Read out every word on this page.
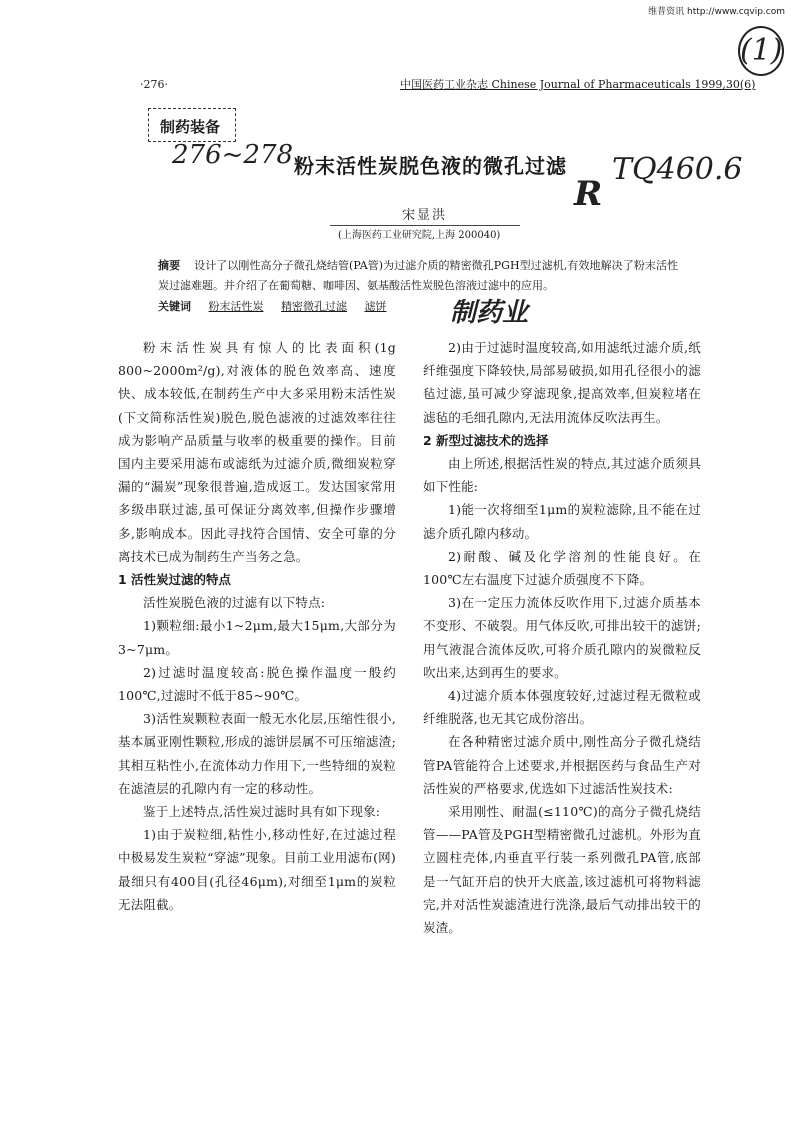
维普资讯 http://www.cqvip.com
(1)
·276·	中国医药工业杂志 Chinese Journal of Pharmaceuticals 1999,30(6)
制药装备
276~278
R
TQ460.6
制药业
粉末活性炭脱色液的微孔过滤
宋显洪
(上海医药工业研究院,上海 200040)
摘要 设计了以刚性高分子微孔烧结管(PA管)为过滤介质的精密微孔PGH型过滤机,有效地解决了粉末活性炭过滤难题。并介绍了在葡萄糖、咖啡因、氨基酸活性炭脱色溶液过滤中的应用。
关键词 粉末活性炭 精密微孔过滤 滤饼
粉末活性炭具有惊人的比表面积(1g 800~2000m²/g),对液体的脱色效率高、速度快、成本较低,在制药生产中大多采用粉末活性炭(下文简称活性炭)脱色,脱色滤液的过滤效率往往成为影响产品质量与收率的极重要的操作。目前国内主要采用滤布或滤纸为过滤介质,微细炭粒穿漏的“漏炭”现象很普遍,造成返工。发达国家常用多级串联过滤,虽可保证分离效率,但操作步骤增多,影响成本。因此寻找符合国情、安全可靠的分离技术已成为制药生产当务之急。
1 活性炭过滤的特点
活性炭脱色液的过滤有以下特点:
1)颗粒细:最小1~2μm,最大15μm,大部分为3~7μm。
2)过滤时温度较高:脱色操作温度一般约100℃,过滤时不低于85~90℃。
3)活性炭颗粒表面一般无水化层,压缩性很小,基本属亚刚性颗粒,形成的滤饼层属不可压缩滤渣;其相互粘性小,在流体动力作用下,一些特细的炭粒在滤渣层的孔隙内有一定的移动性。
鉴于上述特点,活性炭过滤时具有如下现象:
1)由于炭粒细,粘性小,移动性好,在过滤过程中极易发生炭粒“穿滤”现象。目前工业用滤布(网)最细只有400目(孔径46μm),对细至1μm的炭粒无法阻截。
2)由于过滤时温度较高,如用滤纸过滤介质,纸纤维强度下降较快,局部易破损,如用孔径很小的滤毡过滤,虽可减少穿滤现象,提高效率,但炭粒堵在滤毡的毛细孔隙内,无法用流体反吹法再生。
2 新型过滤技术的选择
由上所述,根据活性炭的特点,其过滤介质须具如下性能:
1)能一次将细至1μm的炭粒滤除,且不能在过滤介质孔隙内移动。
2)耐酸、碱及化学溶剂的性能良好。在100℃左右温度下过滤介质强度不下降。
3)在一定压力流体反吹作用下,过滤介质基本不变形、不破裂。用气体反吹,可排出较干的滤饼;用气液混合流体反吹,可将介质孔隙内的炭微粒反吹出来,达到再生的要求。
4)过滤介质本体强度较好,过滤过程无微粒或纤维脱落,也无其它成份溶出。
在各种精密过滤介质中,刚性高分子微孔烧结管PA管能符合上述要求,并根据医药与食品生产对活性炭的严格要求,优选如下过滤活性炭技术:
采用刚性、耐温(≤110℃)的高分子微孔烧结管——PA管及PGH型精密微孔过滤机。外形为直立圆柱壳体,内垂直平行装一系列微孔PA管,底部是一气缸开启的快开大底盖,该过滤机可将物料滤完,并对活性炭滤渣进行洗涤,最后气动排出较干的炭渣。
